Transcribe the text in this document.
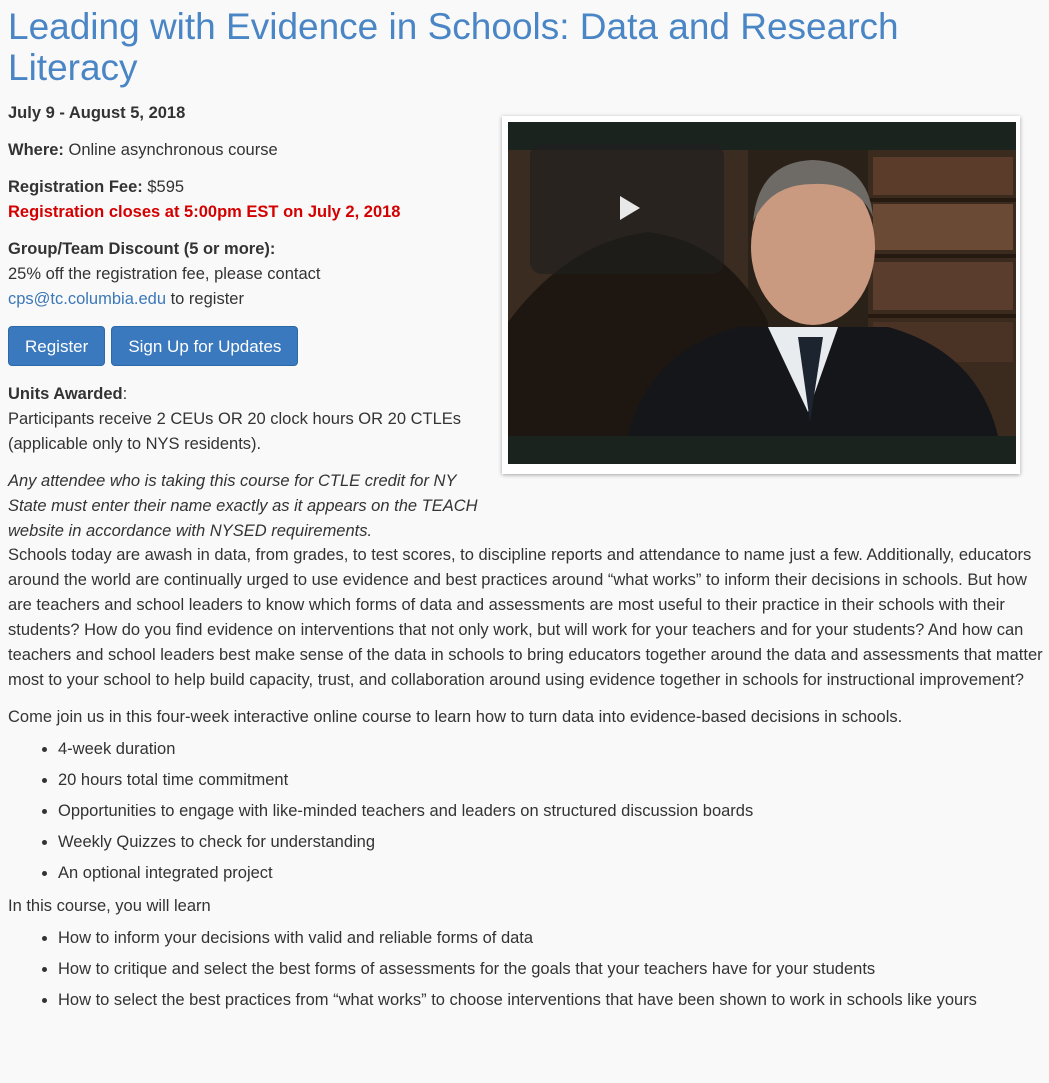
Leading with Evidence in Schools: Data and Research Literacy

July 9 - August 5, 2018

Where: Online asynchronous course

Registration Fee: $595

Registration closes at 5:00pm EST on July 2, 2018

Group/Team Discount (5 or more):

25% off the registration fee, please contact

cps@tc.columbia.edu to register

Register	Sign Up for Updates

Units Awarded:

Participants receive 2 CEUs OR 20 clock hours OR 20 CTLEs (applicable only to NYS residents).

Any attendee who is taking this course for CTLE credit for NY State must enter their name exactly as it appears on the TEACH website in accordance with NYSED requirements.

Schools today are awash in data, from grades, to test scores, to discipline reports and attendance to name just a few. Additionally, educators around the world are continually urged to use evidence and best practices around “what works” to inform their decisions in schools. But how are teachers and school leaders to know which forms of data and assessments are most useful to their practice in their schools with their students? How do you find evidence on interventions that not only work, but will work for your teachers and for your students? And how can teachers and school leaders best make sense of the data in schools to bring educators together around the data and assessments that matter most to your school to help build capacity, trust, and collaboration around using evidence together in schools for instructional improvement?

Come join us in this four-week interactive online course to learn how to turn data into evidence-based decisions in schools.

• 4-week duration
• 20 hours total time commitment
• Opportunities to engage with like-minded teachers and leaders on structured discussion boards
• Weekly Quizzes to check for understanding
• An optional integrated project

In this course, you will learn

• How to inform your decisions with valid and reliable forms of data
• How to critique and select the best forms of assessments for the goals that your teachers have for your students
• How to select the best practices from “what works” to choose interventions that have been shown to work in schools like yours
